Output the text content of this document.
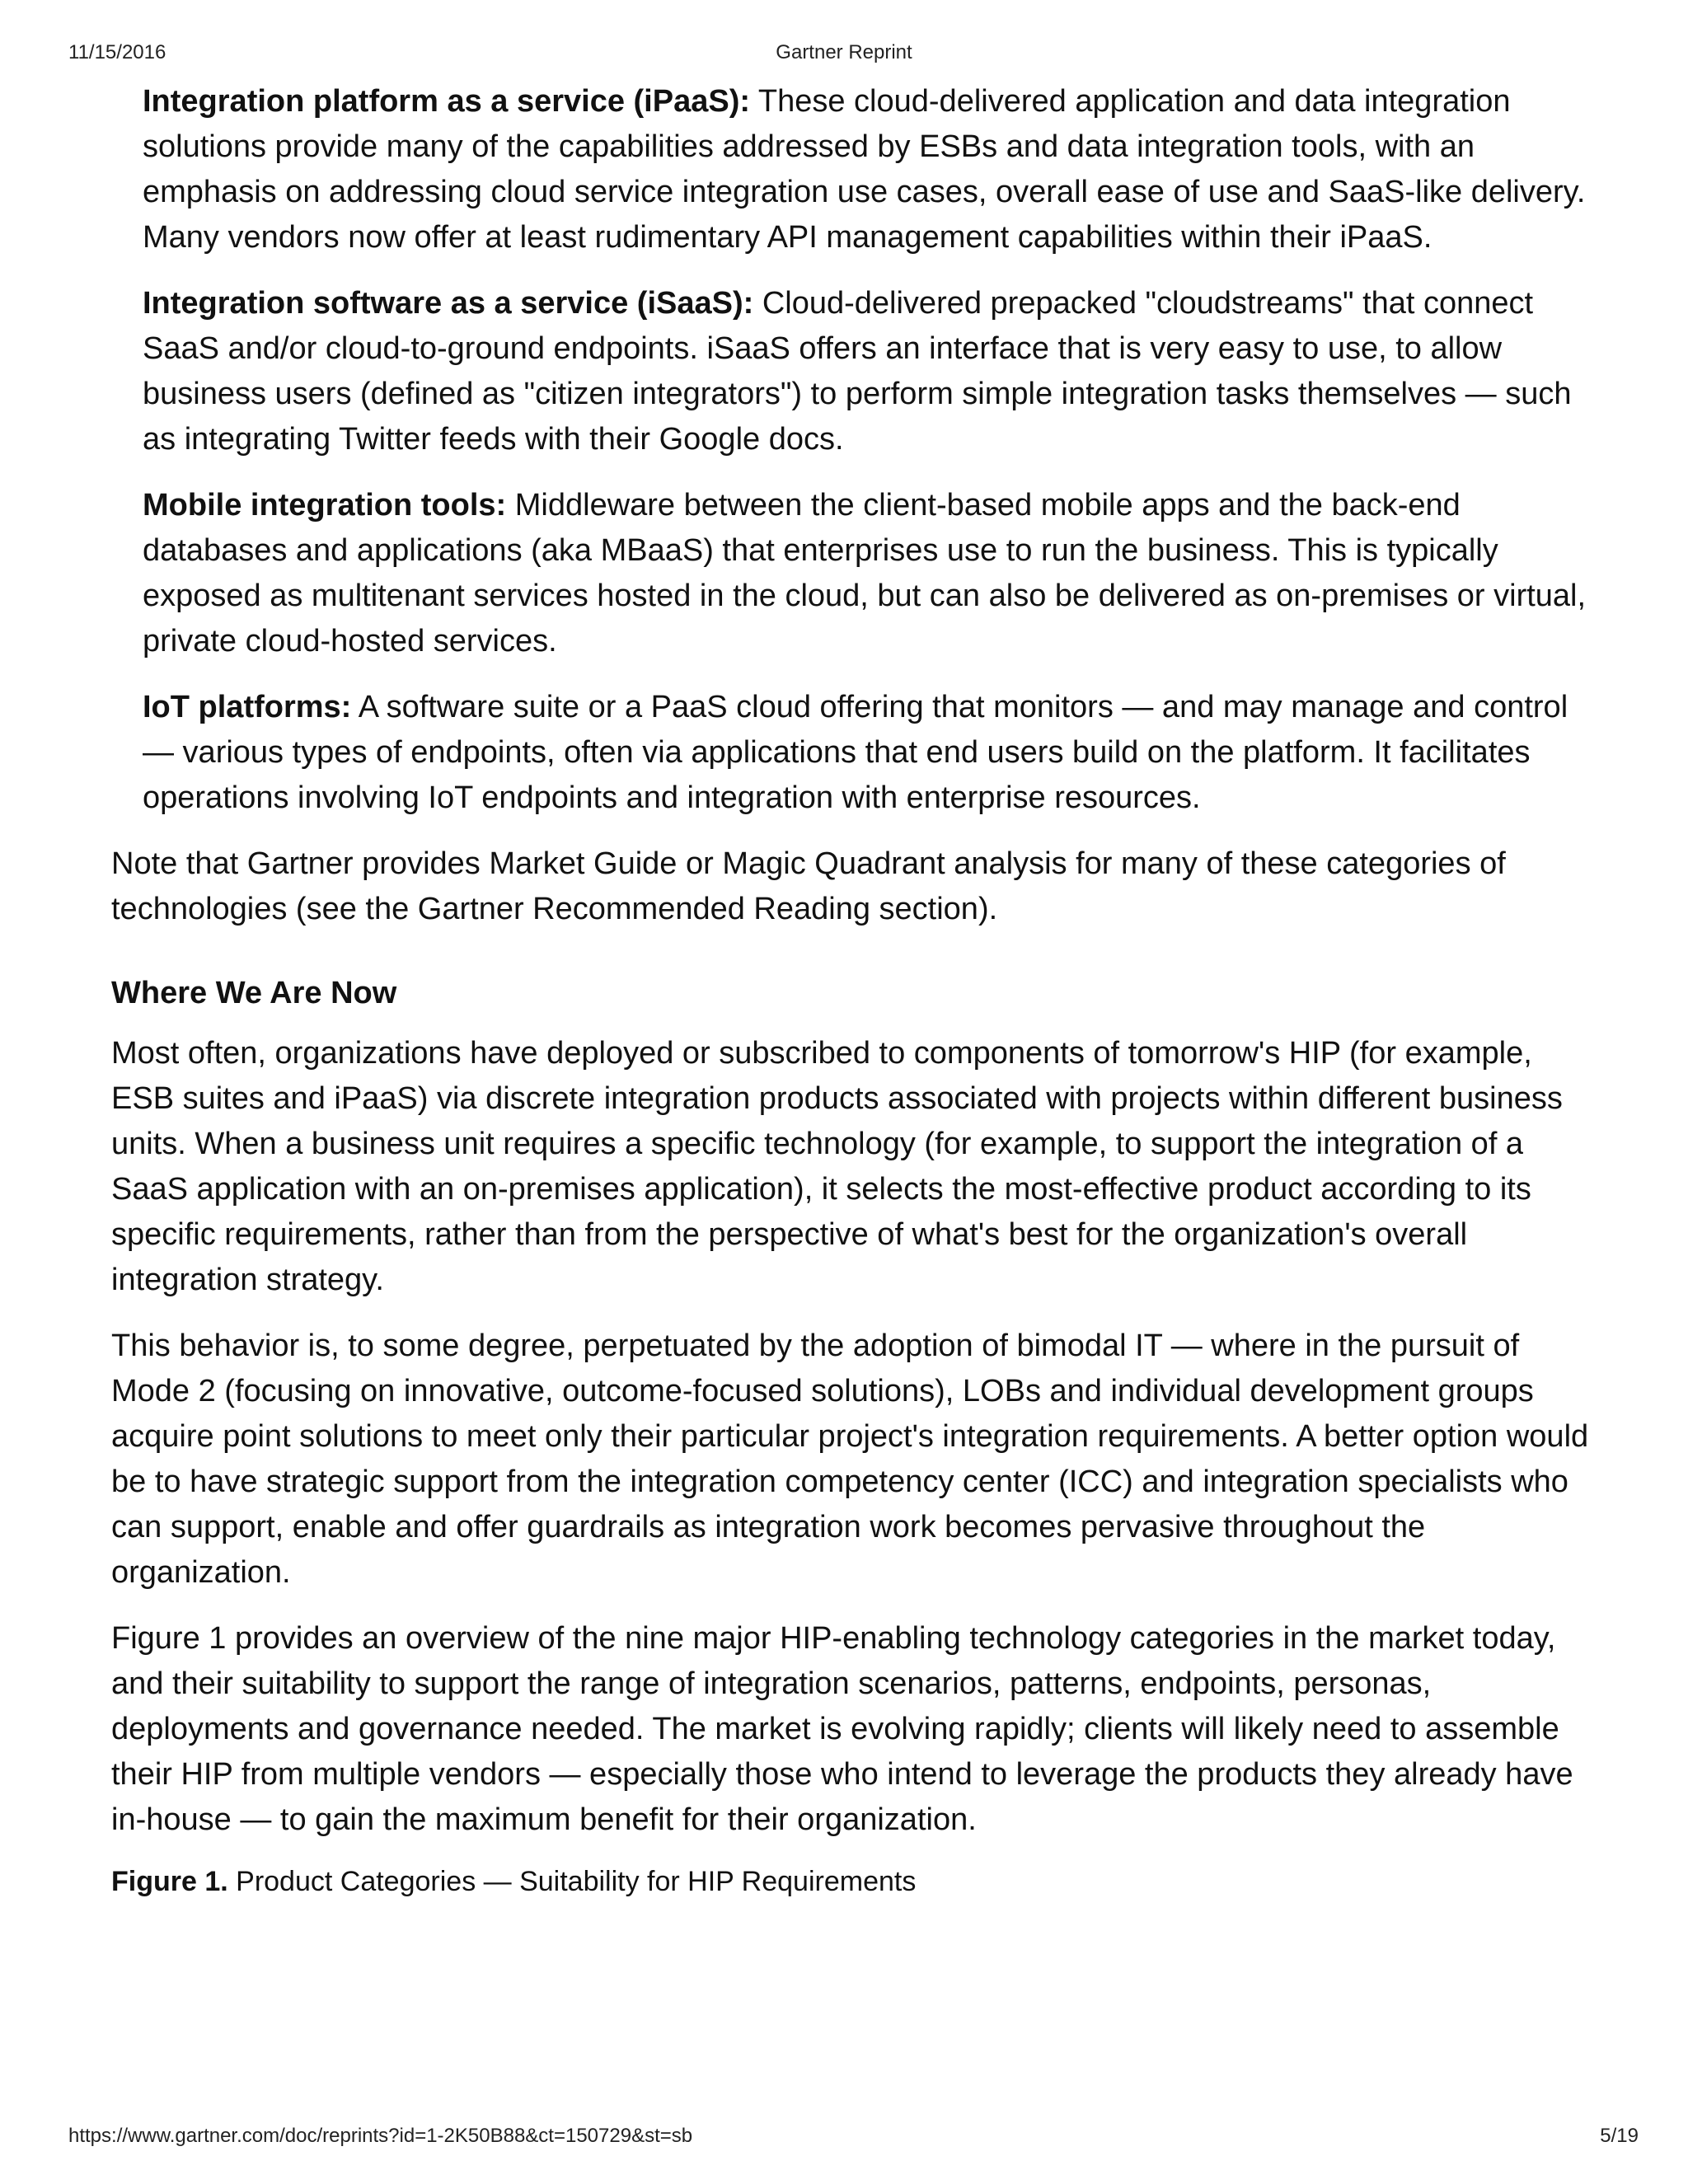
11/15/2016	Gartner Reprint

Integration platform as a service (iPaaS): These cloud-delivered application and data integration solutions provide many of the capabilities addressed by ESBs and data integration tools, with an emphasis on addressing cloud service integration use cases, overall ease of use and SaaS-like delivery. Many vendors now offer at least rudimentary API management capabilities within their iPaaS.

Integration software as a service (iSaaS): Cloud-delivered prepacked "cloudstreams" that connect SaaS and/or cloud-to-ground endpoints. iSaaS offers an interface that is very easy to use, to allow business users (defined as "citizen integrators") to perform simple integration tasks themselves — such as integrating Twitter feeds with their Google docs.

Mobile integration tools: Middleware between the client-based mobile apps and the back-end databases and applications (aka MBaaS) that enterprises use to run the business. This is typically exposed as multitenant services hosted in the cloud, but can also be delivered as on-premises or virtual, private cloud-hosted services.

IoT platforms: A software suite or a PaaS cloud offering that monitors — and may manage and control — various types of endpoints, often via applications that end users build on the platform. It facilitates operations involving IoT endpoints and integration with enterprise resources.

Note that Gartner provides Market Guide or Magic Quadrant analysis for many of these categories of technologies (see the Gartner Recommended Reading section).

Where We Are Now

Most often, organizations have deployed or subscribed to components of tomorrow's HIP (for example, ESB suites and iPaaS) via discrete integration products associated with projects within different business units. When a business unit requires a specific technology (for example, to support the integration of a SaaS application with an on-premises application), it selects the most-effective product according to its specific requirements, rather than from the perspective of what's best for the organization's overall integration strategy.

This behavior is, to some degree, perpetuated by the adoption of bimodal IT — where in the pursuit of Mode 2 (focusing on innovative, outcome-focused solutions), LOBs and individual development groups acquire point solutions to meet only their particular project's integration requirements. A better option would be to have strategic support from the integration competency center (ICC) and integration specialists who can support, enable and offer guardrails as integration work becomes pervasive throughout the organization.

Figure 1 provides an overview of the nine major HIP-enabling technology categories in the market today, and their suitability to support the range of integration scenarios, patterns, endpoints, personas, deployments and governance needed. The market is evolving rapidly; clients will likely need to assemble their HIP from multiple vendors — especially those who intend to leverage the products they already have in-house — to gain the maximum benefit for their organization.

Figure 1. Product Categories — Suitability for HIP Requirements

https://www.gartner.com/doc/reprints?id=1-2K50B88&ct=150729&st=sb	5/19
